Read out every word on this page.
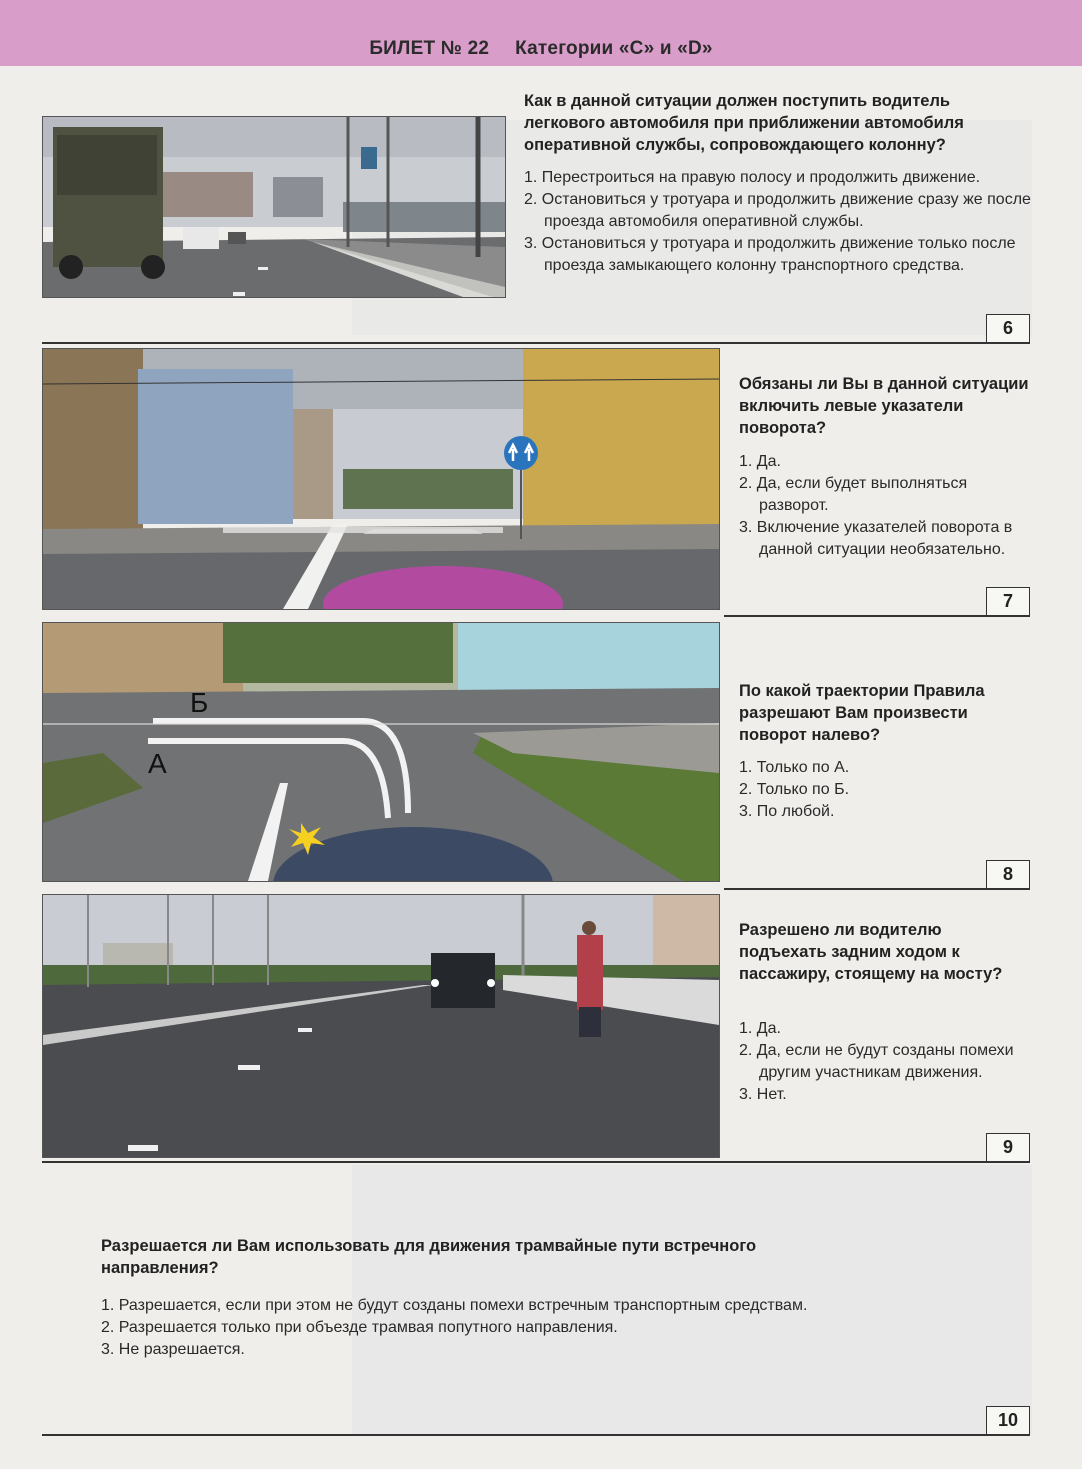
БИЛЕТ № 22 Категории «C» и «D»
Как в данной ситуации должен поступить водитель легкового автомобиля при приближении автомобиля оперативной службы, сопровождающего колонну?
1. Перестроиться на правую полосу и продолжить движение.
2. Остановиться у тротуара и продолжить движение сразу же после проезда автомобиля оперативной службы.
3. Остановиться у тротуара и продолжить движение только после проезда замыкающего колонну транспортного средства.
6
Обязаны ли Вы в данной ситуации включить левые указатели поворота?
1. Да.
2. Да, если будет выполняться разворот.
3. Включение указателей поворота в данной ситуации необязательно.
7
Б
А
По какой траектории Правила разрешают Вам произвести поворот налево?
1. Только по А.
2. Только по Б.
3. По любой.
8
Разрешено ли водителю подъехать задним ходом к пассажиру, стоящему на мосту?
1. Да.
2. Да, если не будут созданы помехи другим участникам движения.
3. Нет.
9
Разрешается ли Вам использовать для движения трамвайные пути встречного направления?
1. Разрешается, если при этом не будут созданы помехи встречным транспортным средствам.
2. Разрешается только при объезде трамвая попутного направления.
3. Не разрешается.
10
